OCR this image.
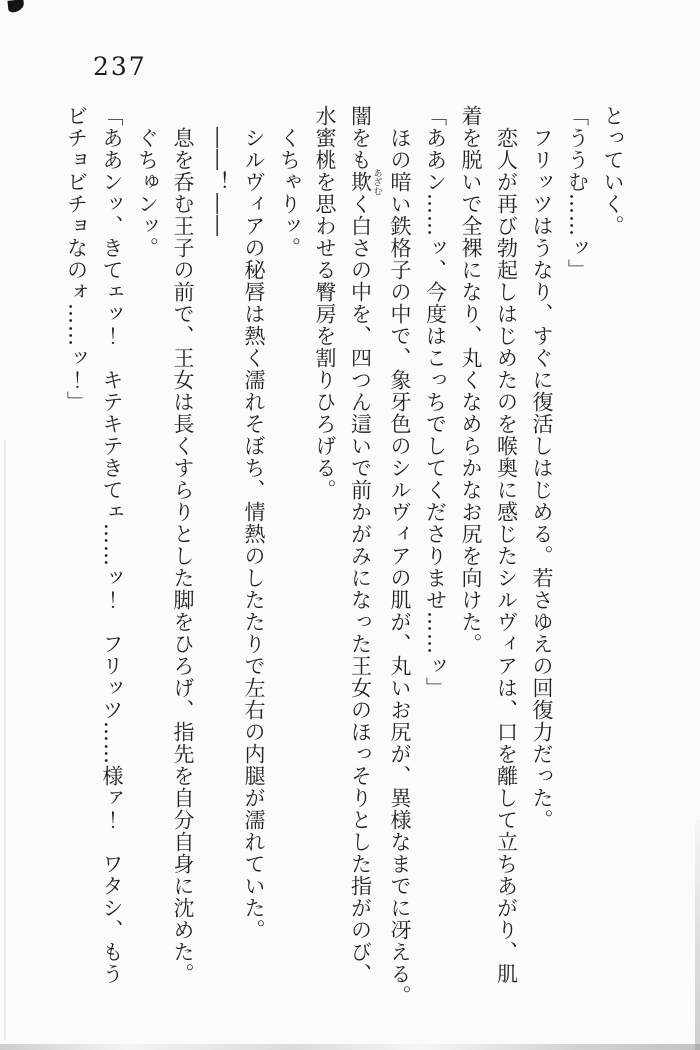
237
とっていく。
「ううむ……ッ」
フリッツはうなり、すぐに復活しはじめる。若さゆえの回復力だった。
恋人が再び勃起しはじめたのを喉奥に感じたシルヴィアは、口を離して立ちあがり、肌
着を脱いで全裸になり、丸くなめらかなお尻を向けた。
「ああン……ッ、今度はこっちでしてくださりませ……ッ」
ほの暗い鉄格子の中で、象牙色のシルヴィアの肌が、丸いお尻が、異様なまでに冴える。
闇をも欺 あざむく白さの中を、四つん這いで前かがみになった王女のほっそりとした指がのび、
水蜜桃を思わせる臀房を割りひろげる。
くちゃりッ。
シルヴィアの秘唇は熱く濡れそぼち、情熱のしたたりで左右の内腿が濡れていた。
――！――
息を呑む王子の前で、王女は長くすらりとした脚をひろげ、指先を自分自身に沈めた。
ぐちゅンッ。
「ああンッ、きてェッ！　キテキテきてェ……ッ！　フリッツ……様ァ！　ワタシ、もう
ビチョビチョなのォ……ッ！」
